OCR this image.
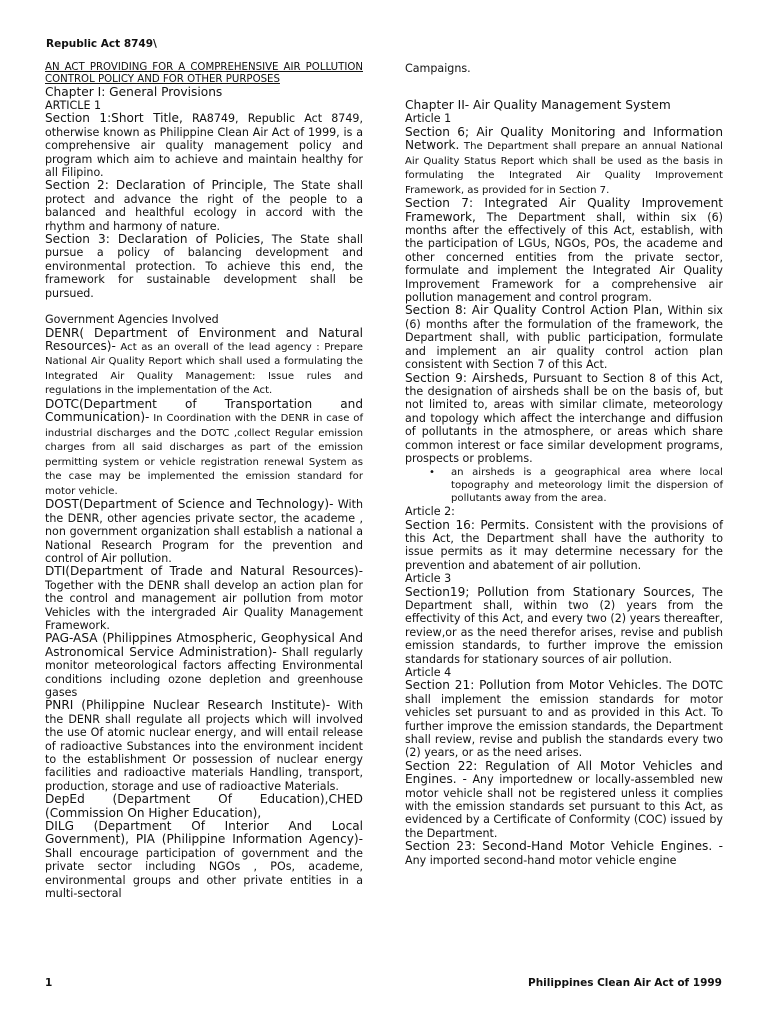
Republic Act 8749\

AN ACT PROVIDING FOR A COMPREHENSIVE AIR POLLUTION CONTROL POLICY AND FOR OTHER PURPOSES

Chapter I: General Provisions

ARTICLE 1

Section 1:Short Title, RA8749, Republic Act 8749, otherwise known as Philippine Clean Air Act of 1999, is a comprehensive air quality management policy and program which aim to achieve and maintain healthy for all Filipino.

Section 2: Declaration of Principle, The State shall protect and advance the right of the people to a balanced and healthful ecology in accord with the rhythm and harmony of nature.

Section 3: Declaration of Policies, The State shall pursue a policy of balancing development and environmental protection. To achieve this end, the framework for sustainable development shall be pursued.

Government Agencies Involved

DENR( Department of Environment and Natural Resources)- Act as an overall of the lead agency : Prepare National Air Quality Report which shall used a formulating the Integrated Air Quality Management: Issue rules and regulations in the implementation of the Act.

DOTC(Department of Transportation and Communication)- In Coordination with the DENR in case of industrial discharges and the DOTC ,collect Regular emission charges from all said discharges as part of the emission permitting system or vehicle registration renewal System as the case may be implemented the emission standard for motor vehicle.

DOST(Department of Science and Technology)- With the DENR, other agencies private sector, the academe , non government organization shall establish a national a National Research Program for the prevention and control of Air pollution.

DTI(Department of Trade and Natural Resources)- Together with the DENR shall develop an action plan for the control and management air pollution from motor Vehicles with the intergraded Air Quality Management Framework.

PAG-ASA (Philippines Atmospheric, Geophysical And Astronomical Service Administration)- Shall regularly monitor meteorological factors affecting Environmental conditions including ozone depletion and greenhouse gases

PNRI (Philippine Nuclear Research Institute)- With the DENR shall regulate all projects which will involved the use Of atomic nuclear energy, and will entail release of radioactive Substances into the environment incident to the establishment Or possession of nuclear energy facilities and radioactive materials Handling, transport, production, storage and use of radioactive Materials.

DepEd (Department Of Education),CHED (Commission On Higher Education),

DILG (Department Of Interior And Local Government), PIA (Philippine Information Agency)- Shall encourage participation of government and the private sector including NGOs , POs, academe, environmental groups and other private entities in a multi-sectoral

Campaigns.

Chapter II- Air Quality Management System

Article 1

Section 6; Air Quality Monitoring and Information Network. The Department shall prepare an annual National Air Quality Status Report which shall be used as the basis in formulating the Integrated Air Quality Improvement Framework, as provided for in Section 7.

Section 7: Integrated Air Quality Improvement Framework, The Department shall, within six (6) months after the effectively of this Act, establish, with the participation of LGUs, NGOs, POs, the academe and other concerned entities from the private sector, formulate and implement the Integrated Air Quality Improvement Framework for a comprehensive air pollution management and control program.

Section 8: Air Quality Control Action Plan, Within six (6) months after the formulation of the framework, the Department shall, with public participation, formulate and implement an air quality control action plan consistent with Section 7 of this Act.

Section 9: Airsheds, Pursuant to Section 8 of this Act, the designation of airsheds shall be on the basis of, but not limited to, areas with similar climate, meteorology and topology which affect the interchange and diffusion of pollutants in the atmosphere, or areas which share common interest or face similar development programs, prospects or problems.

• an airsheds is a geographical area where local topography and meteorology limit the dispersion of pollutants away from the area.

Article 2:

Section 16: Permits. Consistent with the provisions of this Act, the Department shall have the authority to issue permits as it may determine necessary for the prevention and abatement of air pollution.

Article 3

Section19; Pollution from Stationary Sources, The Department shall, within two (2) years from the effectivity of this Act, and every two (2) years thereafter, review,or as the need therefor arises, revise and publish emission standards, to further improve the emission standards for stationary sources of air pollution.

Article 4

Section 21: Pollution from Motor Vehicles. The DOTC shall implement the emission standards for motor vehicles set pursuant to and as provided in this Act. To further improve the emission standards, the Department shall review, revise and publish the standards every two (2) years, or as the need arises.

Section 22: Regulation of All Motor Vehicles and Engines. - Any importednew or locally-assembled new motor vehicle shall not be registered unless it complies with the emission standards set pursuant to this Act, as evidenced by a Certificate of Conformity (COC) issued by the Department.

Section 23: Second-Hand Motor Vehicle Engines. - Any imported second-hand motor vehicle engine

1	Philippines Clean Air Act of 1999
